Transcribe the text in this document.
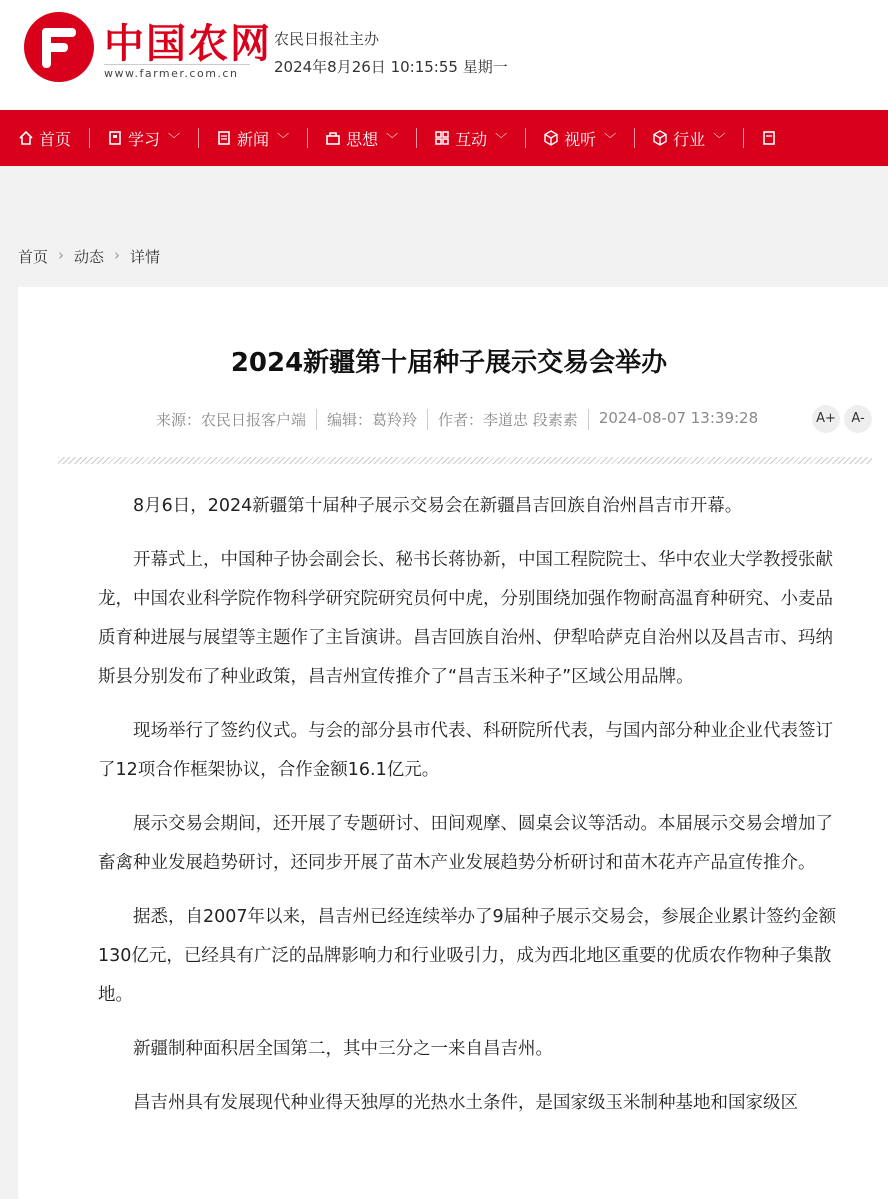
中国农网
www.farmer.com.cn
农民日报社主办
2024年8月26日 10:15:55 星期一
首页	学习 ﹀	新闻 ﹀	思想 ﹀	互动 ﹀	视听 ﹀	行业 ﹀
首页 › 动态 › 详情
2024新疆第十届种子展示交易会举办
来源：农民日报客户端	编辑：葛羚羚	作者：李道忠 段素素	2024-08-07 13:39:28	A+	A-

8月6日，2024新疆第十届种子展示交易会在新疆昌吉回族自治州昌吉市开幕。

开幕式上，中国种子协会副会长、秘书长蒋协新，中国工程院院士、华中农业大学教授张献龙，中国农业科学院作物科学研究院研究员何中虎，分别围绕加强作物耐高温育种研究、小麦品质育种进展与展望等主题作了主旨演讲。昌吉回族自治州、伊犁哈萨克自治州以及昌吉市、玛纳斯县分别发布了种业政策，昌吉州宣传推介了“昌吉玉米种子”区域公用品牌。

现场举行了签约仪式。与会的部分县市代表、科研院所代表，与国内部分种业企业代表签订了12项合作框架协议，合作金额16.1亿元。

展示交易会期间，还开展了专题研讨、田间观摩、圆桌会议等活动。本届展示交易会增加了畜禽种业发展趋势研讨，还同步开展了苗木产业发展趋势分析研讨和苗木花卉产品宣传推介。

据悉，自2007年以来，昌吉州已经连续举办了9届种子展示交易会，参展企业累计签约金额130亿元，已经具有广泛的品牌影响力和行业吸引力，成为西北地区重要的优质农作物种子集散地。

新疆制种面积居全国第二，其中三分之一来自昌吉州。

昌吉州具有发展现代种业得天独厚的光热水土条件，是国家级玉米制种基地和国家级区
